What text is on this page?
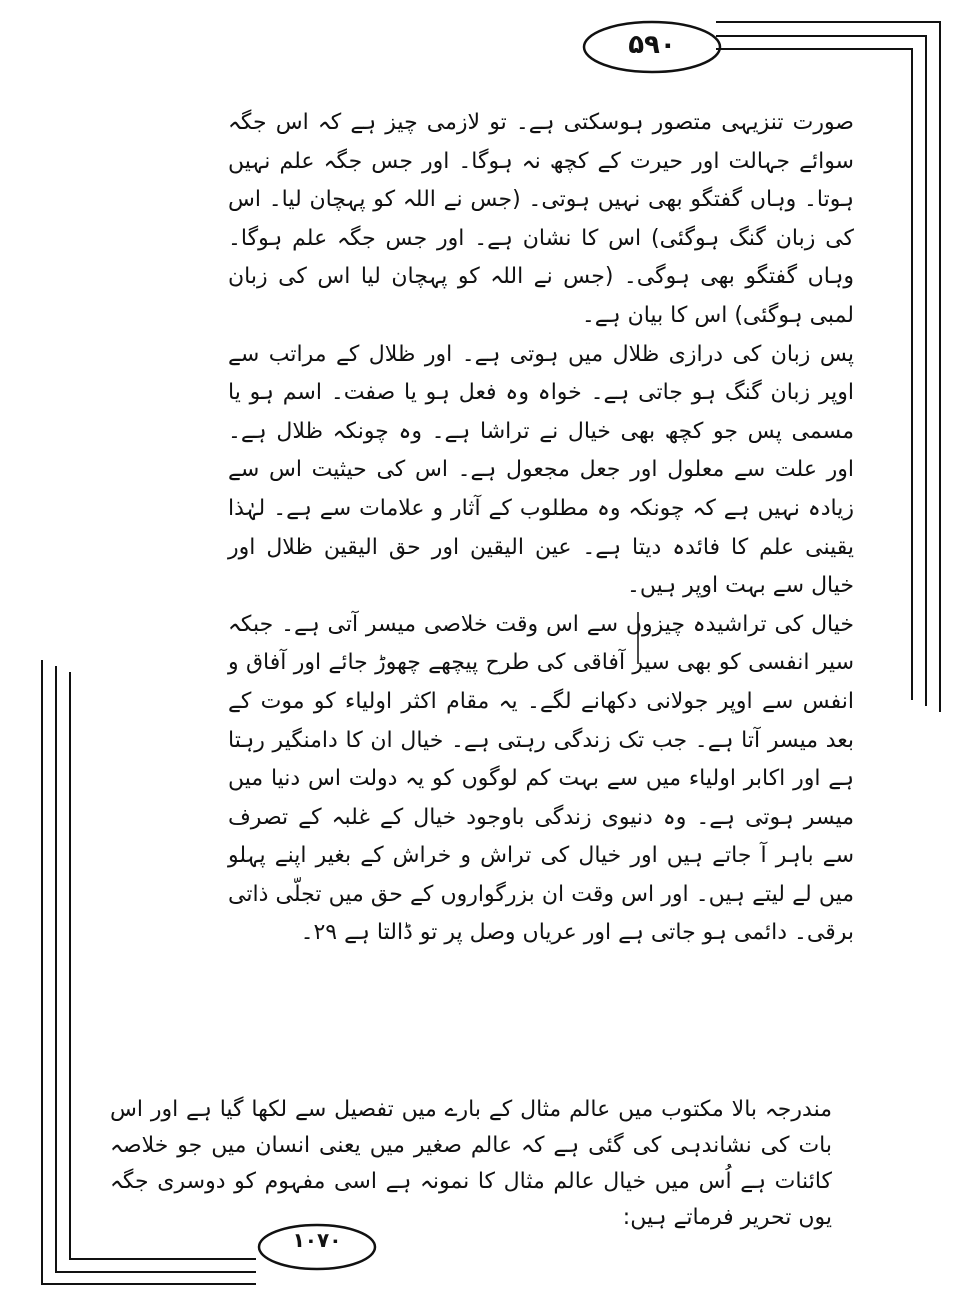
۵۹۰
۱۰۷۰

صورت تنزیہی متصور ہوسکتی ہے۔ تو لازمی چیز ہے کہ اس جگہ سوائے جہالت اور حیرت کے کچھ نہ ہوگا۔ اور جس جگہ علم نہیں ہوتا۔ وہاں گفتگو بھی نہیں ہوتی۔ (جس نے اللہ کو پہچان لیا۔ اس کی زبان گنگ ہوگئی) اس کا نشان ہے۔ اور جس جگہ علم ہوگا۔ وہاں گفتگو بھی ہوگی۔ (جس نے اللہ کو پہچان لیا اس کی زبان لمبی ہوگئی) اس کا بیان ہے۔

پس زبان کی درازی ظلال میں ہوتی ہے۔ اور ظلال کے مراتب سے اوپر زبان گنگ ہو جاتی ہے۔ خواہ وہ فعل ہو یا صفت۔ اسم ہو یا مسمی پس جو کچھ بھی خیال نے تراشا ہے۔ وہ چونکہ ظلال ہے۔ اور علت سے معلول اور جعل مجعول ہے۔ اس کی حیثیت اس سے زیادہ نہیں ہے کہ چونکہ وہ مطلوب کے آثار و علامات سے ہے۔ لہٰذا یقینی علم کا فائدہ دیتا ہے۔ عین الیقین اور حق الیقین ظلال اور خیال سے بہت اوپر ہیں۔

خیال کی تراشیدہ چیزوں سے اس وقت خلاصی میسر آتی ہے۔ جبکہ سیر انفسی کو بھی سیر آفاقی کی طرح پیچھے چھوڑ جائے اور آفاق و انفس سے اوپر جولانی دکھانے لگے۔ یہ مقام اکثر اولیاء کو موت کے بعد میسر آتا ہے۔ جب تک زندگی رہتی ہے۔ خیال ان کا دامنگیر رہتا ہے اور اکابر اولیاء میں سے بہت کم لوگوں کو یہ دولت اس دنیا میں میسر ہوتی ہے۔ وہ دنیوی زندگی باوجود خیال کے غلبہ کے تصرف سے باہر آ جاتے ہیں اور خیال کی تراش و خراش کے بغیر اپنے پہلو میں لے لیتے ہیں۔ اور اس وقت ان بزرگواروں کے حق میں تجلّی ذاتی برقی۔ دائمی ہو جاتی ہے اور عریاں وصل پر تو ڈالتا ہے ۲۹۔

مندرجہ بالا مکتوب میں عالم مثال کے بارے میں تفصیل سے لکھا گیا ہے اور اس بات کی نشاندہی کی گئی ہے کہ عالم صغیر میں یعنی انسان میں جو خلاصہ کائنات ہے اُس میں خیال عالم مثال کا نمونہ ہے اسی مفہوم کو دوسری جگہ یوں تحریر فرماتے ہیں:
